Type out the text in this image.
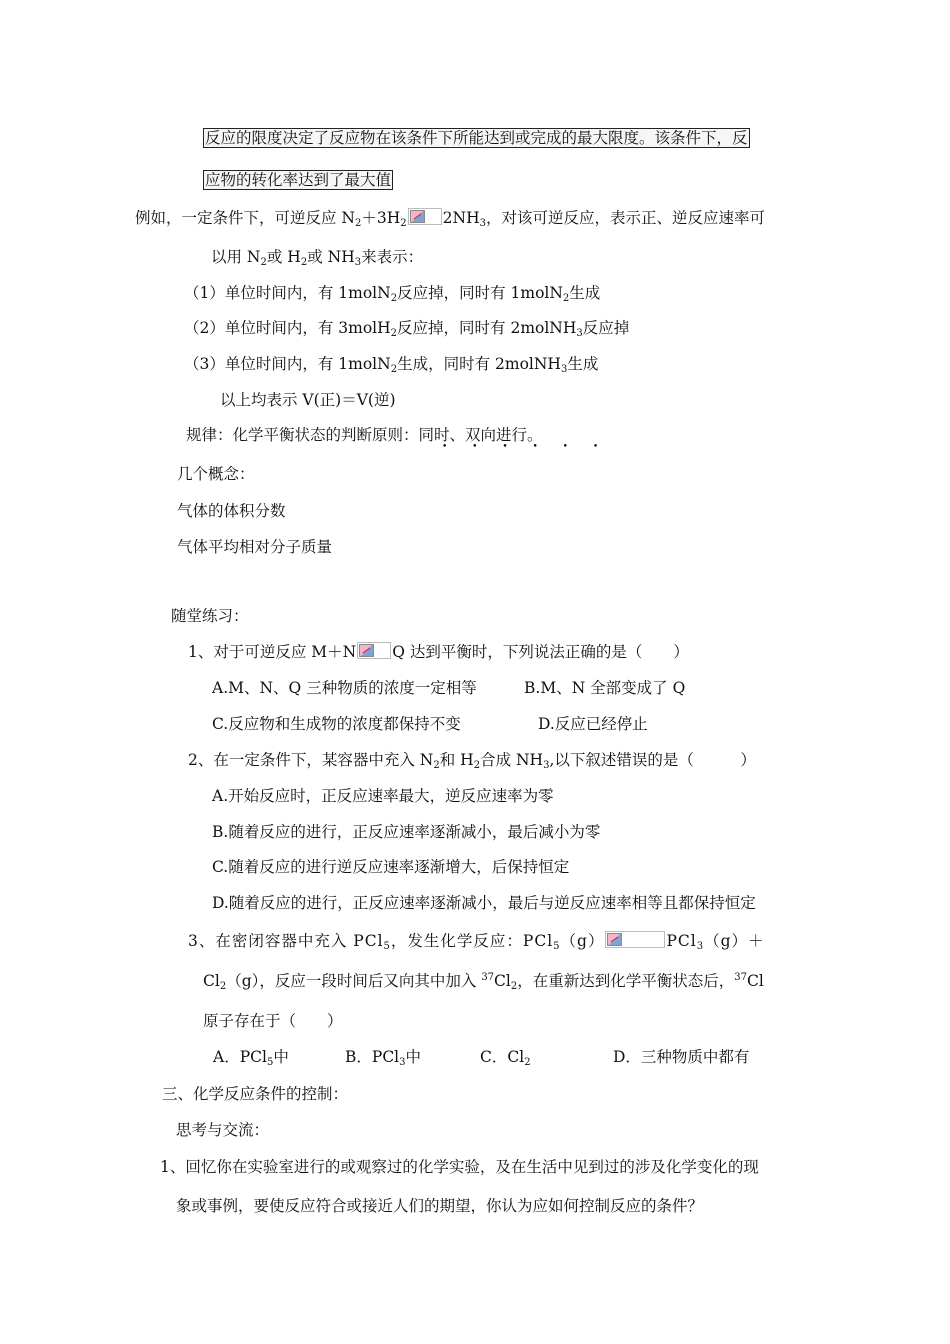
反应的限度决定了反应物在该条件下所能达到或完成的最大限度。该条件下，反
应物的转化率达到了最大值
例如，一定条件下，可逆反应 $N_2+3H_2$ $2NH_3$，对该可逆反应，表示正、逆反应速率可
以用 $N_2$或 $H_2$或 $NH_3$来表示：
（1）单位时间内，有 1molN$_2$反应掉，同时有 1molN$_2$生成
（2）单位时间内，有 3molH$_2$反应掉，同时有 2molNH$_3$反应掉
（3）单位时间内，有 1molN$_2$生成，同时有 2molNH$_3$生成
以上均表示 V(正)＝V(逆)
规律：化学平衡状态的判断原则：同时、双向进行。
• • • • • •
几个概念：
气体的体积分数
气体平均相对分子质量
随堂练习：
1、对于可逆反应 M＋N Q 达到平衡时，下列说法正确的是（　　）
A.M、N、Q 三种物质的浓度一定相等	B.M、N 全部变成了 Q
C.反应物和生成物的浓度都保持不变	D.反应已经停止
2、在一定条件下，某容器中充入 $N_2$和 $H_2$合成 $NH_3$,以下叙述错误的是（　　　）
A.开始反应时，正反应速率最大，逆反应速率为零
B.随着反应的进行，正反应速率逐渐减小，最后减小为零
C.随着反应的进行逆反应速率逐渐增大，后保持恒定
D.随着反应的进行，正反应速率逐渐减小，最后与逆反应速率相等且都保持恒定
3、在密闭容器中充入 PCl$_5$，发生化学反应：PCl$_5$（g）	PCl$_3$（g）＋
$Cl_2(g)$，反应一段时间后又向其中加入 $^{37}Cl_2$，在重新达到化学平衡状态后，$^{37}$Cl
原子存在于（　　）
A．PCl$_5$中	B．PCl$_3$中	C．$Cl_2$	D．三种物质中都有
三、化学反应条件的控制：
思考与交流：
1、回忆你在实验室进行的或观察过的化学实验，及在生活中见到过的涉及化学变化的现
象或事例，要使反应符合或接近人们的期望，你认为应如何控制反应的条件？
